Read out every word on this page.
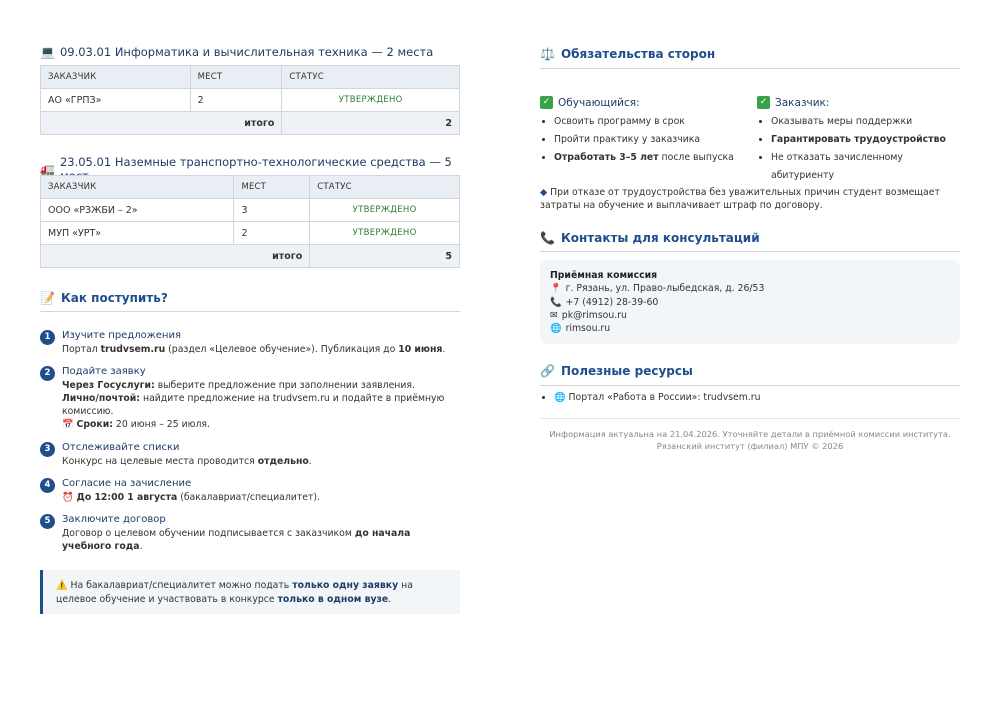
💻 09.03.01 Информатика и вычислительная техника — 2 места
ЗАКАЗЧИК	МЕСТ	СТАТУС
АО «ГРПЗ»	2	УТВЕРЖДЕНО
итого		2
🚛 23.05.01 Наземные транспортно-технологические средства — 5
ЗАКАЗЧИК	МЕСТ	СТАТУС
ООО «РЗЖБИ – 2»	3	УТВЕРЖДЕНО
МУП «УРТ»	2	УТВЕРЖДЕНО
итого		5
📝 Как поступить?
1	Изучите предложения
Портал trudvsem.ru (раздел «Целевое обучение»). Публикация до 10 июня.
2	Подайте заявку
Через Госуслуги: выберите предложение при заполнении заявления.
Лично/почтой: найдите предложение на trudvsem.ru и подайте в приёмную комиссию.
📅 Сроки: 20 июня – 25 июля.
3	Отслеживайте списки
Конкурс на целевые места проводится отдельно.
4	Согласие на зачисление
⏰ До 12:00 1 августа (бакалавриат/специалитет).
5	Заключите договор
Договор о целевом обучении подписывается с заказчиком до начала учебного года.
⚠️ На бакалавриат/специалитет можно подать только одну заявку на целевое обучение и участвовать в конкурсе только в одном вузе.
⚖️ Обязательства сторон
✓ Обучающийся:
• Освоить программу в срок
• Пройти практику у заказчика
• Отработать 3–5 лет после выпуска
✓ Заказчик:
• Оказывать меры поддержки
• Гарантировать трудоустройство
• Не отказать зачисленному абитуриенту
◆ При отказе от трудоустройства без уважительных причин студент возмещает затраты на обучение и выплачивает штраф по договору.
📞 Контакты для консультаций
Приёмная комиссия
📍 г. Рязань, ул. Право-лыбедская, д. 26/53
📞 +7 (4912) 28-39-60
✉ pk@rimsou.ru
🌐 rimsou.ru
🔗 Полезные ресурсы
• 🌐 Портал «Работа в России»: trudvsem.ru
Информация актуальна на 21.04.2026. Уточняйте детали в приёмной комиссии института.
Рязанский институт (филиал) МПУ © 2026
